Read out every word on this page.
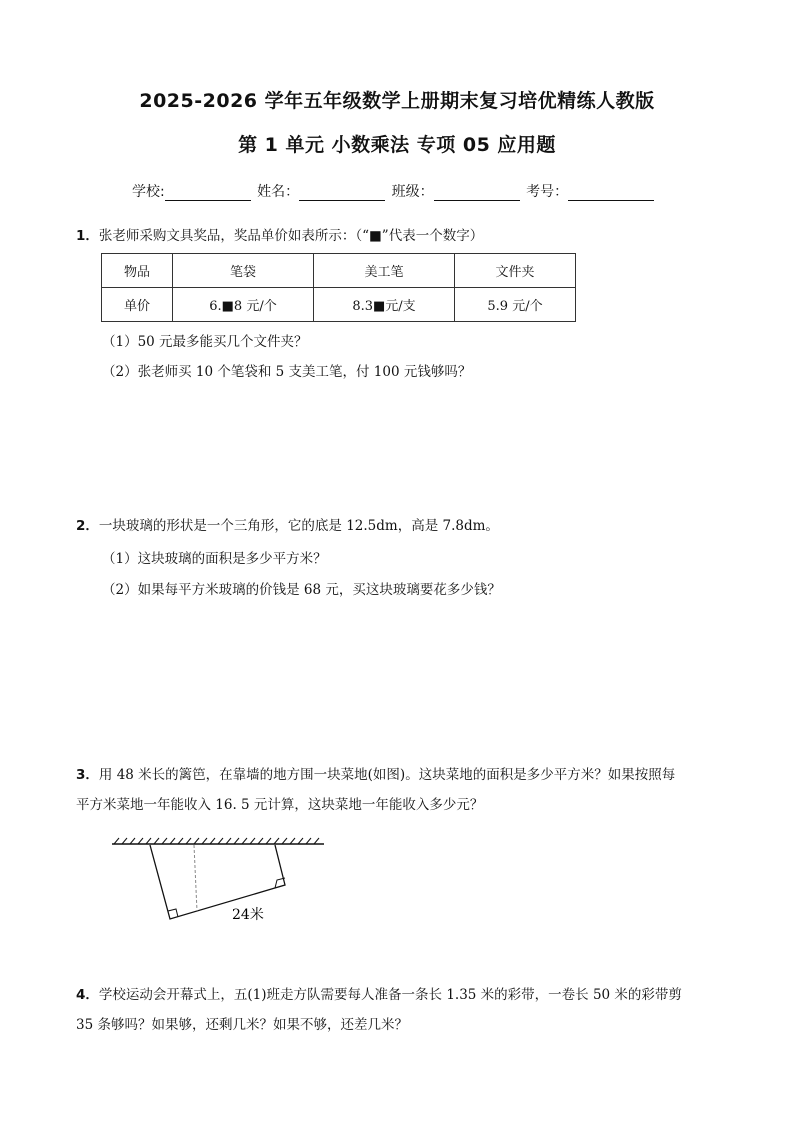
2025-2026 学年五年级数学上册期末复习培优精练人教版
第 1 单元 小数乘法 专项 05 应用题
学校:	姓名：	班级：	考号：
1．张老师采购文具奖品，奖品单价如表所示：（“■”代表一个数字）
物品	笔袋	美工笔	文件夹
单价	6.■8 元/个	8.3■元/支	5.9 元/个
（1）50 元最多能买几个文件夹？
（2）张老师买 10 个笔袋和 5 支美工笔，付 100 元钱够吗？
2．一块玻璃的形状是一个三角形，它的底是 12.5dm，高是 7.8dm。
（1）这块玻璃的面积是多少平方米？
（2）如果每平方米玻璃的价钱是 68 元，买这块玻璃要花多少钱？
3．用 48 米长的篱笆，在靠墙的地方围一块菜地(如图)。这块菜地的面积是多少平方米？如果按照每
平方米菜地一年能收入 16. 5 元计算，这块菜地一年能收入多少元？
24米
4．学校运动会开幕式上，五(1)班走方队需要每人准备一条长 1.35 米的彩带，一卷长 50 米的彩带剪
35 条够吗？如果够，还剩几米？如果不够，还差几米？
